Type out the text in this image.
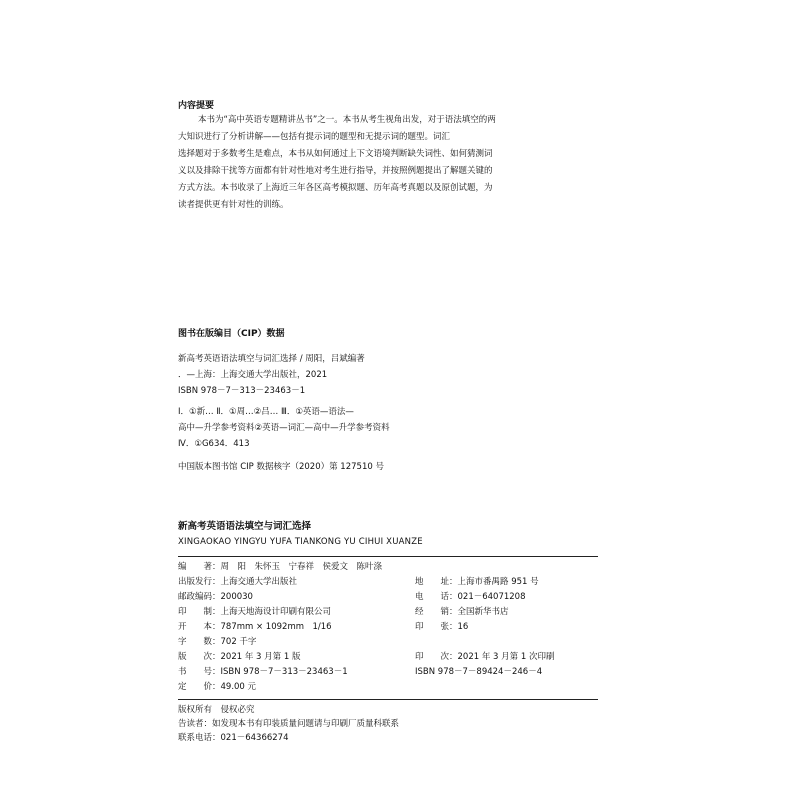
内容提要
本书为“高中英语专题精讲丛书”之一。本书从考生视角出发，对于语法填空的两
大知识进行了分析讲解——包括有提示词的题型和无提示词的题型。词汇
选择题对于多数考生是难点，本书从如何通过上下文语境判断缺失词性、如何猜测词
义以及排除干扰等方面都有针对性地对考生进行指导，并按照例题提出了解题关键的
方式方法。本书收录了上海近三年各区高考模拟题、历年高考真题以及原创试题，为
读者提供更有针对性的训练。
图书在版编目（CIP）数据
新高考英语语法填空与词汇选择 / 周阳，吕斌编著
．—上海：上海交通大学出版社，2021
ISBN 978－7－313－23463－1
Ⅰ．①新… Ⅱ．①周…②吕… Ⅲ．①英语—语法—
高中—升学参考资料②英语—词汇—高中—升学参考资料
Ⅳ．①G634．413
中国版本图书馆 CIP 数据核字（2020）第 127510 号
新高考英语语法填空与词汇选择
XINGAOKAO YINGYU YUFA TIANKONG YU CIHUI XUANZE
编　　著：周　阳　朱怀玉　宁春祥　侯爱文　陈叶涤
出版发行：上海交通大学出版社	地　　址：上海市番禺路 951 号
邮政编码：200030	电　　话：021－64071208
印　　制：上海天地海设计印刷有限公司	经　　销：全国新华书店
开　　本：787mm × 1092mm　1/16	印　　张：16
字　　数：702 千字
版　　次：2021 年 3 月第 1 版	印　　次：2021 年 3 月第 1 次印刷
书　　号：ISBN 978－7－313－23463－1	ISBN 978－7－89424－246－4
定　　价：49.00 元
版权所有　侵权必究
告读者：如发现本书有印装质量问题请与印刷厂质量科联系
联系电话：021－64366274
